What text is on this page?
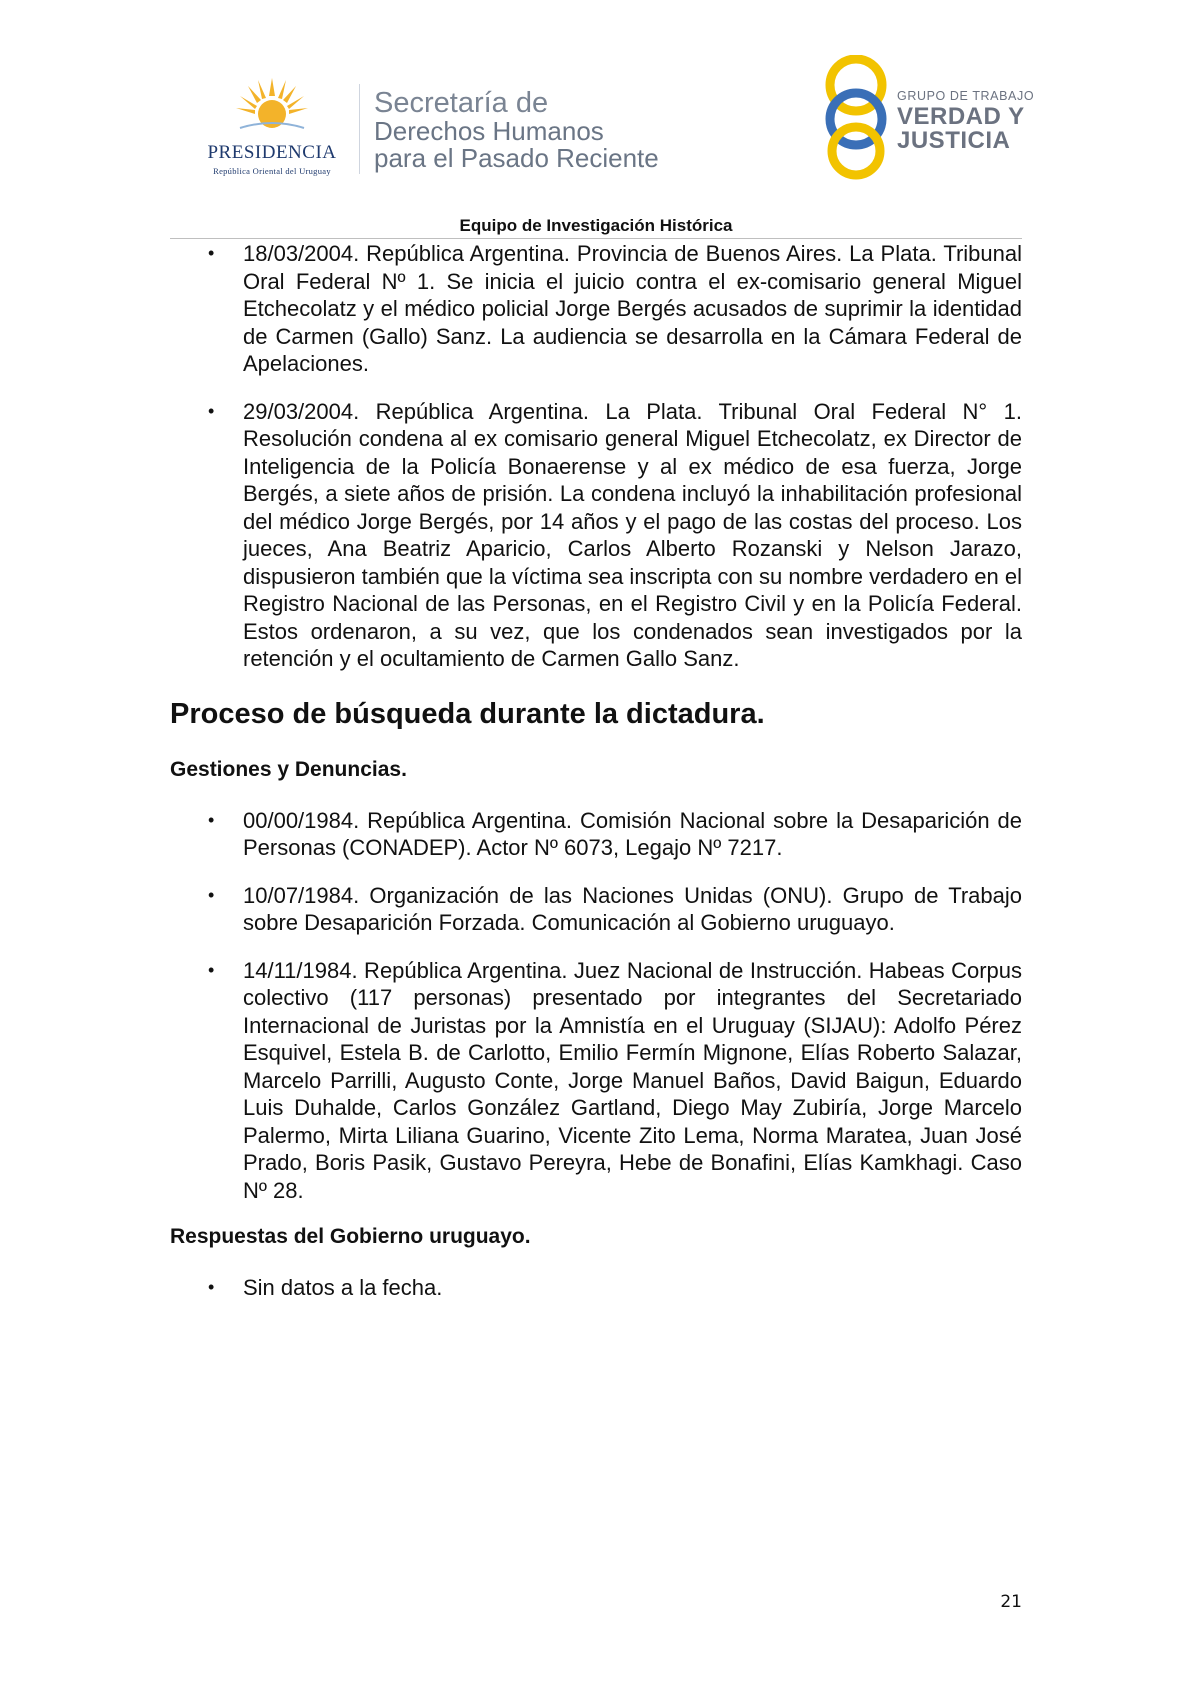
PRESIDENCIA
República Oriental del Uruguay
Secretaría de
Derechos Humanos
para el Pasado Reciente
GRUPO DE TRABAJO
VERDAD Y
JUSTICIA
Equipo de Investigación Histórica
• 18/03/2004. República Argentina. Provincia de Buenos Aires. La Plata. Tribunal Oral Federal Nº 1. Se inicia el juicio contra el ex-comisario general Miguel Etchecolatz y el médico policial Jorge Bergés acusados de suprimir la identidad de Carmen (Gallo) Sanz. La audiencia se desarrolla en la Cámara Federal de Apelaciones.
• 29/03/2004. República Argentina. La Plata. Tribunal Oral Federal N° 1. Resolución condena al ex comisario general Miguel Etchecolatz, ex Director de Inteligencia de la Policía Bonaerense y al ex médico de esa fuerza, Jorge Bergés, a siete años de prisión. La condena incluyó la inhabilitación profesional del médico Jorge Bergés, por 14 años y el pago de las costas del proceso. Los jueces, Ana Beatriz Aparicio, Carlos Alberto Rozanski y Nelson Jarazo, dispusieron también que la víctima sea inscripta con su nombre verdadero en el Registro Nacional de las Personas, en el Registro Civil y en la Policía Federal. Estos ordenaron, a su vez, que los condenados sean investigados por la retención y el ocultamiento de Carmen Gallo Sanz.
Proceso de búsqueda durante la dictadura.
Gestiones y Denuncias.
• 00/00/1984. República Argentina. Comisión Nacional sobre la Desaparición de Personas (CONADEP). Actor Nº 6073, Legajo Nº 7217.
• 10/07/1984. Organización de las Naciones Unidas (ONU). Grupo de Trabajo sobre Desaparición Forzada. Comunicación al Gobierno uruguayo.
• 14/11/1984. República Argentina. Juez Nacional de Instrucción. Habeas Corpus colectivo (117 personas) presentado por integrantes del Secretariado Internacional de Juristas por la Amnistía en el Uruguay (SIJAU): Adolfo Pérez Esquivel, Estela B. de Carlotto, Emilio Fermín Mignone, Elías Roberto Salazar, Marcelo Parrilli, Augusto Conte, Jorge Manuel Baños, David Baigun, Eduardo Luis Duhalde, Carlos González Gartland, Diego May Zubiría, Jorge Marcelo Palermo, Mirta Liliana Guarino, Vicente Zito Lema, Norma Maratea, Juan José Prado, Boris Pasik, Gustavo Pereyra, Hebe de Bonafini, Elías Kamkhagi. Caso Nº 28.
Respuestas del Gobierno uruguayo.
• Sin datos a la fecha.
21
